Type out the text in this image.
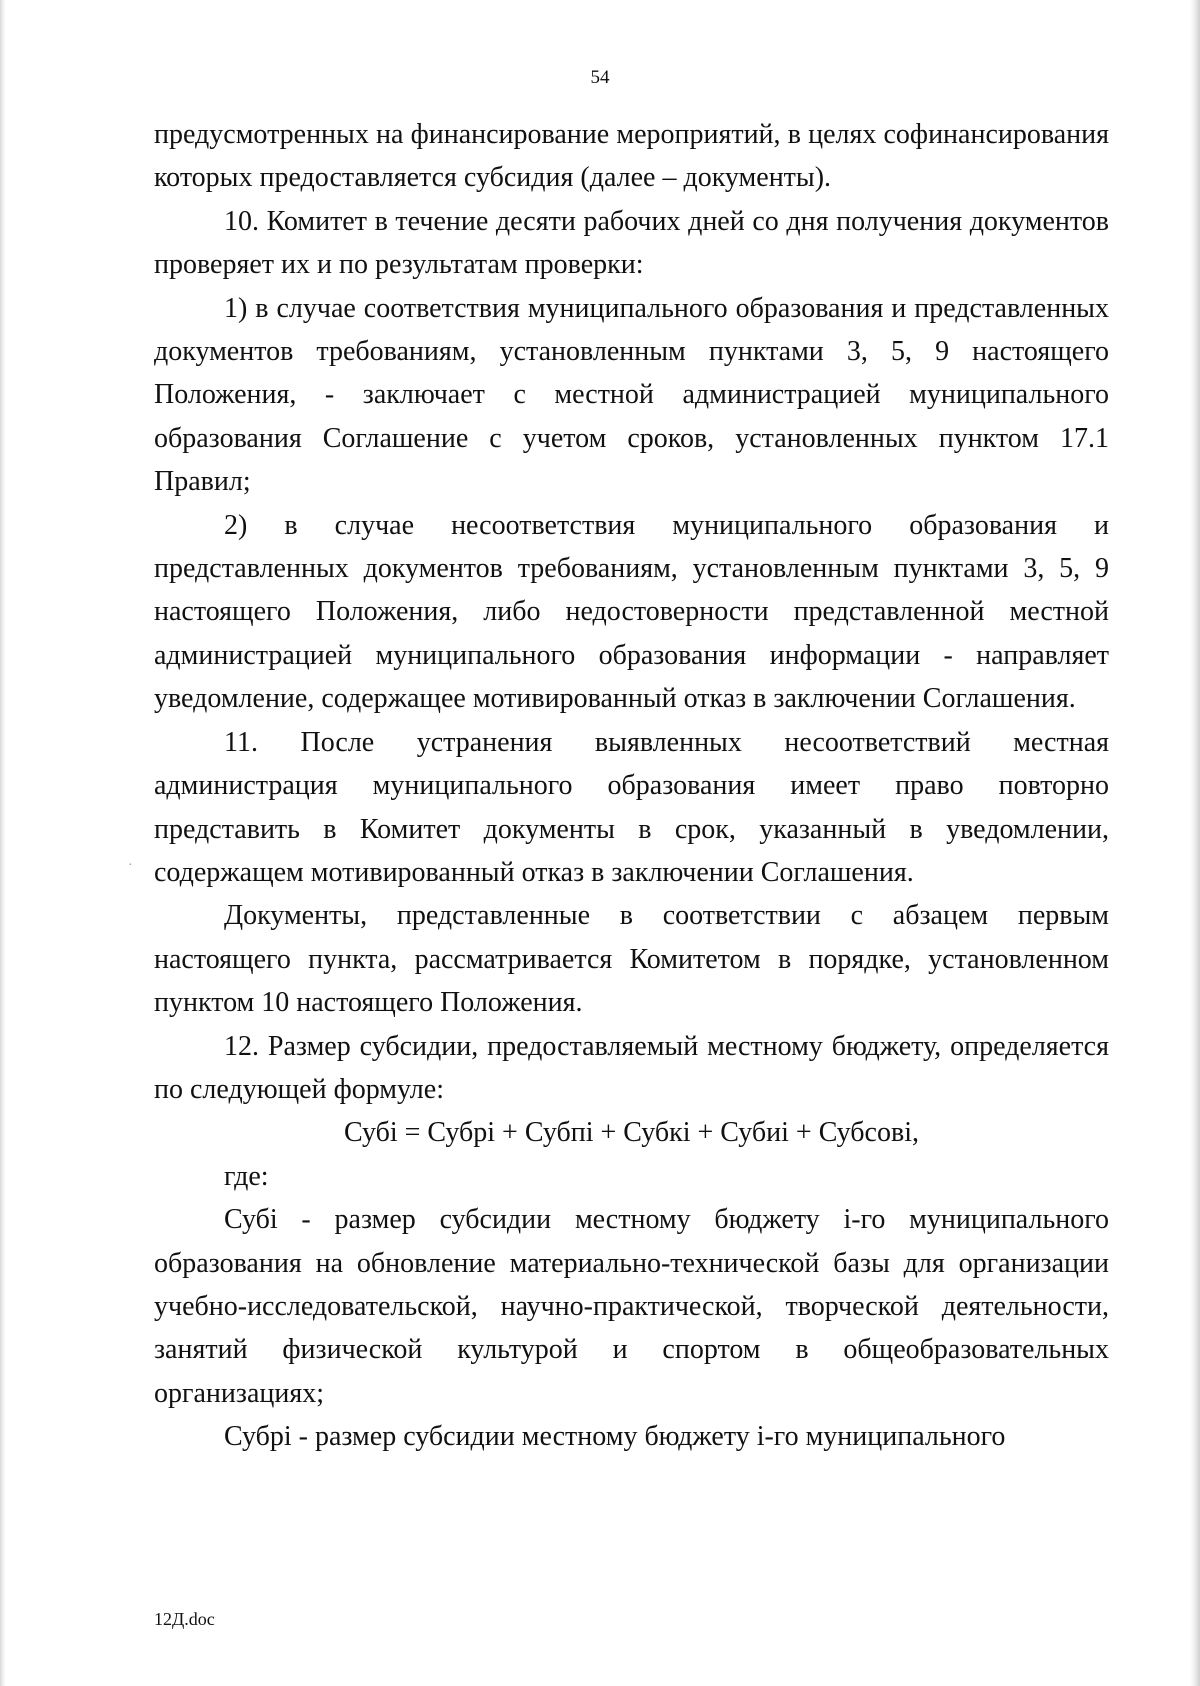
54

предусмотренных на финансирование мероприятий, в целях софинансирования которых предоставляется субсидия (далее – документы).

10. Комитет в течение десяти рабочих дней со дня получения документов проверяет их и по результатам проверки:

1) в случае соответствия муниципального образования и представленных документов требованиям, установленным пунктами 3, 5, 9 настоящего Положения, - заключает с местной администрацией муниципального образования Соглашение с учетом сроков, установленных пунктом 17.1 Правил;

2) в случае несоответствия муниципального образования и представленных документов требованиям, установленным пунктами 3, 5, 9 настоящего Положения, либо недостоверности представленной местной администрацией муниципального образования информации - направляет уведомление, содержащее мотивированный отказ в заключении Соглашения.

11. После устранения выявленных несоответствий местная администрация муниципального образования имеет право повторно представить в Комитет документы в срок, указанный в уведомлении, содержащем мотивированный отказ в заключении Соглашения.

Документы, представленные в соответствии с абзацем первым настоящего пункта, рассматривается Комитетом в порядке, установленном пунктом 10 настоящего Положения.

12. Размер субсидии, предоставляемый местному бюджету, определяется по следующей формуле:

Субі = Субрі + Субпі + Субкі + Субиі + Субсовi,

где:

Субі - размер субсидии местному бюджету і-го муниципального образования на обновление материально-технической базы для организации учебно-исследовательской, научно-практической, творческой деятельности, занятий физической культурой и спортом в общеобразовательных организациях;

Субрі - размер субсидии местному бюджету і-го муниципального

·
12Д.doc
